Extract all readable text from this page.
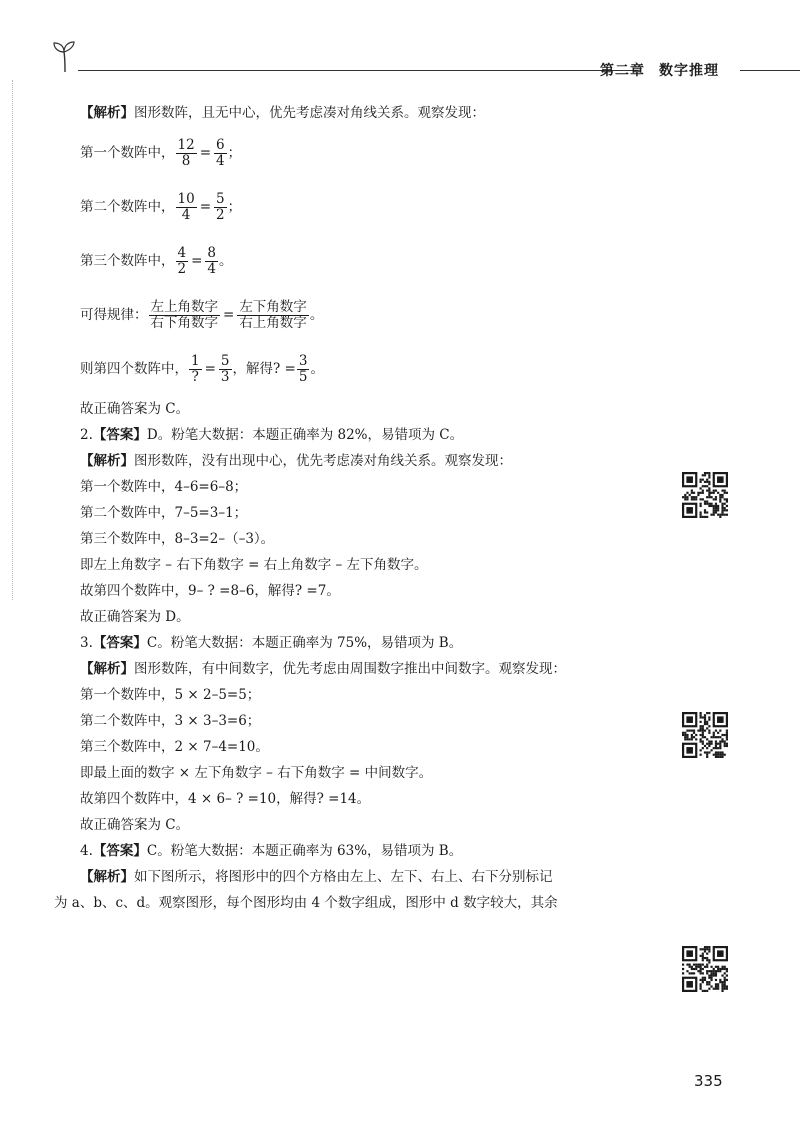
第二章 数字推理
【解析】图形数阵，且无中心，优先考虑凑对角线关系。观察发现：
第一个数阵中， $\frac{12}{8} = \frac{6}{4}$ ；
第二个数阵中， $\frac{10}{4} = \frac{5}{2}$ ；
第三个数阵中， $\frac{4}{2} = \frac{8}{4}$ 。
可得规律： $\frac{\text{左上角数字}}{\text{右下角数字}} = \frac{\text{左下角数字}}{\text{右上角数字}}$ 。
则第四个数阵中， $\frac{1}{?} = \frac{5}{3}$ ，解得? = $\frac{3}{5}$ 。
故正确答案为 C。
2.【答案】D。粉笔大数据：本题正确率为 82%，易错项为 C。
【解析】图形数阵，没有出现中心，优先考虑凑对角线关系。观察发现：
第一个数阵中，4–6=6–8；
第二个数阵中，7–5=3–1；
第三个数阵中，8–3=2–（–3）。
即左上角数字 – 右下角数字 = 右上角数字 – 左下角数字。
故第四个数阵中，9– ? =8–6，解得? =7。
故正确答案为 D。
3.【答案】C。粉笔大数据：本题正确率为 75%，易错项为 B。
【解析】图形数阵，有中间数字，优先考虑由周围数字推出中间数字。观察发现：
第一个数阵中，5 × 2–5=5；
第二个数阵中，3 × 3–3=6；
第三个数阵中，2 × 7–4=10。
即最上面的数字 × 左下角数字 – 右下角数字 = 中间数字。
故第四个数阵中，4 × 6– ? =10，解得? =14。
故正确答案为 C。
4.【答案】C。粉笔大数据：本题正确率为 63%，易错项为 B。
【解析】如下图所示，将图形中的四个方格由左上、左下、右上、右下分别标记
为 a、b、c、d。观察图形，每个图形均由 4 个数字组成，图形中 d 数字较大，其余
335
